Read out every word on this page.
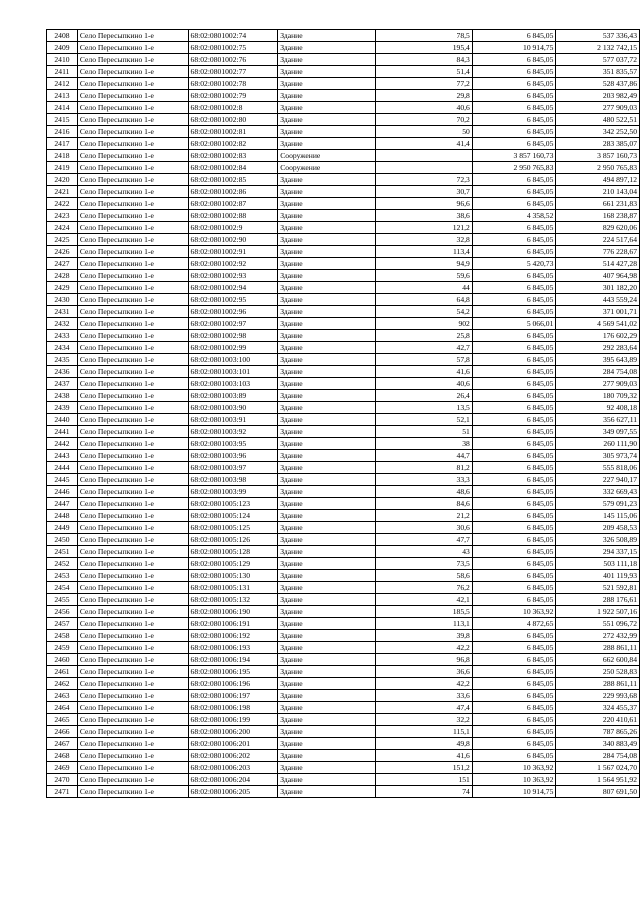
2408	Село Пересыпкино 1-е	68:02:0801002:74	Здание	78,5	6 845,05	537 336,43
2409	Село Пересыпкино 1-е	68:02:0801002:75	Здание	195,4	10 914,75	2 132 742,15
2410	Село Пересыпкино 1-е	68:02:0801002:76	Здание	84,3	6 845,05	577 037,72
2411	Село Пересыпкино 1-е	68:02:0801002:77	Здание	51,4	6 845,05	351 835,57
2412	Село Пересыпкино 1-е	68:02:0801002:78	Здание	77,2	6 845,05	528 437,86
2413	Село Пересыпкино 1-е	68:02:0801002:79	Здание	29,8	6 845,05	203 982,49
2414	Село Пересыпкино 1-е	68:02:0801002:8	Здание	40,6	6 845,05	277 909,03
2415	Село Пересыпкино 1-е	68:02:0801002:80	Здание	70,2	6 845,05	480 522,51
2416	Село Пересыпкино 1-е	68:02:0801002:81	Здание	50	6 845,05	342 252,50
2417	Село Пересыпкино 1-е	68:02:0801002:82	Здание	41,4	6 845,05	283 385,07
2418	Село Пересыпкино 1-е	68:02:0801002:83	Сооружение		3 857 160,73	3 857 160,73
2419	Село Пересыпкино 1-е	68:02:0801002:84	Сооружение		2 950 765,83	2 950 765,83
2420	Село Пересыпкино 1-е	68:02:0801002:85	Здание	72,3	6 845,05	494 897,12
2421	Село Пересыпкино 1-е	68:02:0801002:86	Здание	30,7	6 845,05	210 143,04
2422	Село Пересыпкино 1-е	68:02:0801002:87	Здание	96,6	6 845,05	661 231,83
2423	Село Пересыпкино 1-е	68:02:0801002:88	Здание	38,6	4 358,52	168 238,87
2424	Село Пересыпкино 1-е	68:02:0801002:9	Здание	121,2	6 845,05	829 620,06
2425	Село Пересыпкино 1-е	68:02:0801002:90	Здание	32,8	6 845,05	224 517,64
2426	Село Пересыпкино 1-е	68:02:0801002:91	Здание	113,4	6 845,05	776 228,67
2427	Село Пересыпкино 1-е	68:02:0801002:92	Здание	94,9	5 420,73	514 427,28
2428	Село Пересыпкино 1-е	68:02:0801002:93	Здание	59,6	6 845,05	407 964,98
2429	Село Пересыпкино 1-е	68:02:0801002:94	Здание	44	6 845,05	301 182,20
2430	Село Пересыпкино 1-е	68:02:0801002:95	Здание	64,8	6 845,05	443 559,24
2431	Село Пересыпкино 1-е	68:02:0801002:96	Здание	54,2	6 845,05	371 001,71
2432	Село Пересыпкино 1-е	68:02:0801002:97	Здание	902	5 066,01	4 569 541,02
2433	Село Пересыпкино 1-е	68:02:0801002:98	Здание	25,8	6 845,05	176 602,29
2434	Село Пересыпкино 1-е	68:02:0801002:99	Здание	42,7	6 845,05	292 283,64
2435	Село Пересыпкино 1-е	68:02:0801003:100	Здание	57,8	6 845,05	395 643,89
2436	Село Пересыпкино 1-е	68:02:0801003:101	Здание	41,6	6 845,05	284 754,08
2437	Село Пересыпкино 1-е	68:02:0801003:103	Здание	40,6	6 845,05	277 909,03
2438	Село Пересыпкино 1-е	68:02:0801003:89	Здание	26,4	6 845,05	180 709,32
2439	Село Пересыпкино 1-е	68:02:0801003:90	Здание	13,5	6 845,05	92 408,18
2440	Село Пересыпкино 1-е	68:02:0801003:91	Здание	52,1	6 845,05	356 627,11
2441	Село Пересыпкино 1-е	68:02:0801003:92	Здание	51	6 845,05	349 097,55
2442	Село Пересыпкино 1-е	68:02:0801003:95	Здание	38	6 845,05	260 111,90
2443	Село Пересыпкино 1-е	68:02:0801003:96	Здание	44,7	6 845,05	305 973,74
2444	Село Пересыпкино 1-е	68:02:0801003:97	Здание	81,2	6 845,05	555 818,06
2445	Село Пересыпкино 1-е	68:02:0801003:98	Здание	33,3	6 845,05	227 940,17
2446	Село Пересыпкино 1-е	68:02:0801003:99	Здание	48,6	6 845,05	332 669,43
2447	Село Пересыпкино 1-е	68:02:0801005:123	Здание	84,6	6 845,05	579 091,23
2448	Село Пересыпкино 1-е	68:02:0801005:124	Здание	21,2	6 845,05	145 115,06
2449	Село Пересыпкино 1-е	68:02:0801005:125	Здание	30,6	6 845,05	209 458,53
2450	Село Пересыпкино 1-е	68:02:0801005:126	Здание	47,7	6 845,05	326 508,89
2451	Село Пересыпкино 1-е	68:02:0801005:128	Здание	43	6 845,05	294 337,15
2452	Село Пересыпкино 1-е	68:02:0801005:129	Здание	73,5	6 845,05	503 111,18
2453	Село Пересыпкино 1-е	68:02:0801005:130	Здание	58,6	6 845,05	401 119,93
2454	Село Пересыпкино 1-е	68:02:0801005:131	Здание	76,2	6 845,05	521 592,81
2455	Село Пересыпкино 1-е	68:02:0801005:132	Здание	42,1	6 845,05	288 176,61
2456	Село Пересыпкино 1-е	68:02:0801006:190	Здание	185,5	10 363,92	1 922 507,16
2457	Село Пересыпкино 1-е	68:02:0801006:191	Здание	113,1	4 872,65	551 096,72
2458	Село Пересыпкино 1-е	68:02:0801006:192	Здание	39,8	6 845,05	272 432,99
2459	Село Пересыпкино 1-е	68:02:0801006:193	Здание	42,2	6 845,05	288 861,11
2460	Село Пересыпкино 1-е	68:02:0801006:194	Здание	96,8	6 845,05	662 600,84
2461	Село Пересыпкино 1-е	68:02:0801006:195	Здание	36,6	6 845,05	250 528,83
2462	Село Пересыпкино 1-е	68:02:0801006:196	Здание	42,2	6 845,05	288 861,11
2463	Село Пересыпкино 1-е	68:02:0801006:197	Здание	33,6	6 845,05	229 993,68
2464	Село Пересыпкино 1-е	68:02:0801006:198	Здание	47,4	6 845,05	324 455,37
2465	Село Пересыпкино 1-е	68:02:0801006:199	Здание	32,2	6 845,05	220 410,61
2466	Село Пересыпкино 1-е	68:02:0801006:200	Здание	115,1	6 845,05	787 865,26
2467	Село Пересыпкино 1-е	68:02:0801006:201	Здание	49,8	6 845,05	340 883,49
2468	Село Пересыпкино 1-е	68:02:0801006:202	Здание	41,6	6 845,05	284 754,08
2469	Село Пересыпкино 1-е	68:02:0801006:203	Здание	151,2	10 363,92	1 567 024,70
2470	Село Пересыпкино 1-е	68:02:0801006:204	Здание	151	10 363,92	1 564 951,92
2471	Село Пересыпкино 1-е	68:02:0801006:205	Здание	74	10 914,75	807 691,50
